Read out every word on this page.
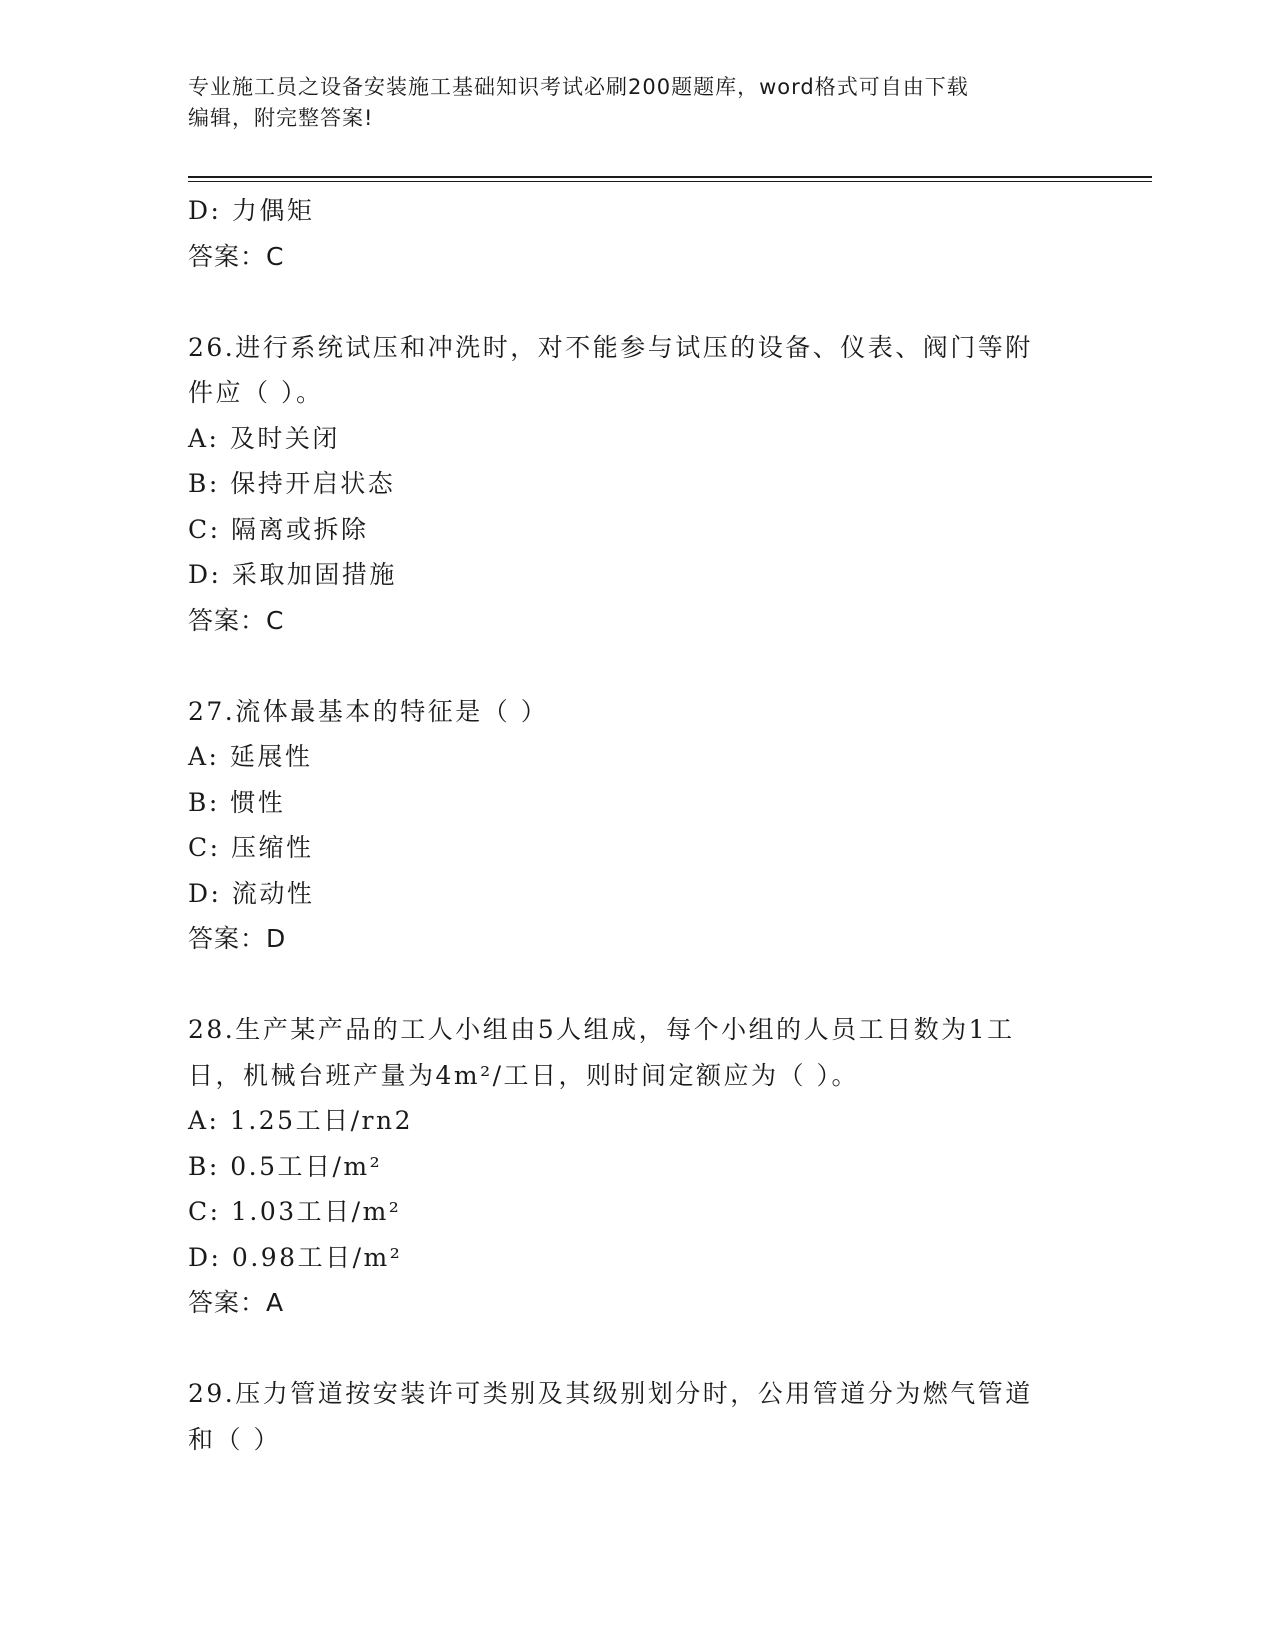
专业施工员之设备安装施工基础知识考试必刷200题题库，word格式可自由下载
编辑，附完整答案!
D: 力偶矩
答案：C
26.进行系统试压和冲洗时，对不能参与试压的设备、仪表、阀门等附
件应（ ）。
A: 及时关闭
B: 保持开启状态
C: 隔离或拆除
D: 采取加固措施
答案：C
27.流体最基本的特征是（ ）
A: 延展性
B: 惯性
C: 压缩性
D: 流动性
答案：D
28.生产某产品的工人小组由5人组成，每个小组的人员工日数为1工
日，机械台班产量为4m²/工日，则时间定额应为（ ）。
A: 1.25工日/rn2
B: 0.5工日/m²
C: 1.03工日/m²
D: 0.98工日/m²
答案：A
29.压力管道按安装许可类别及其级别划分时，公用管道分为燃气管道
和（ ）
